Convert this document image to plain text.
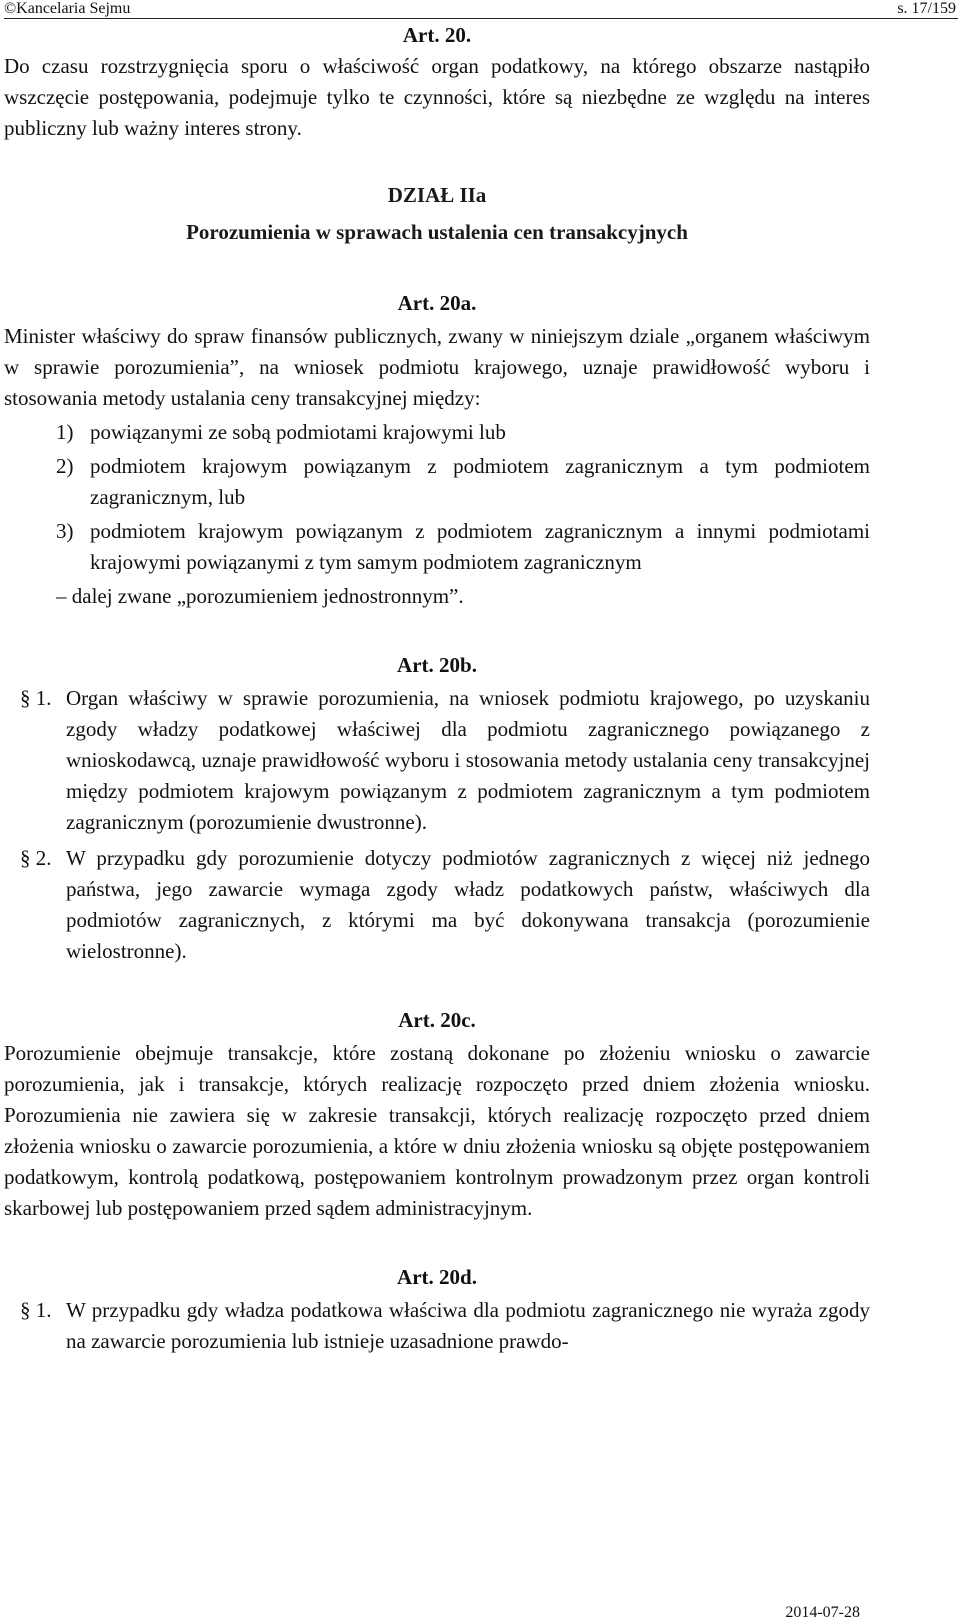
©Kancelaria Sejmu	s. 17/159

Art. 20.

Do czasu rozstrzygnięcia sporu o właściwość organ podatkowy, na którego obszarze nastąpiło wszczęcie postępowania, podejmuje tylko te czynności, które są niezbędne ze względu na interes publiczny lub ważny interes strony.

DZIAŁ IIa

Porozumienia w sprawach ustalenia cen transakcyjnych

Art. 20a.

Minister właściwy do spraw finansów publicznych, zwany w niniejszym dziale „organem właściwym w sprawie porozumienia”, na wniosek podmiotu krajowego, uznaje prawidłowość wyboru i stosowania metody ustalania ceny transakcyjnej między:

1) powiązanymi ze sobą podmiotami krajowymi lub
2) podmiotem krajowym powiązanym z podmiotem zagranicznym a tym podmiotem zagranicznym, lub
3) podmiotem krajowym powiązanym z podmiotem zagranicznym a innymi podmiotami krajowymi powiązanymi z tym samym podmiotem zagranicznym

– dalej zwane „porozumieniem jednostronnym”.

Art. 20b.

§ 1. Organ właściwy w sprawie porozumienia, na wniosek podmiotu krajowego, po uzyskaniu zgody władzy podatkowej właściwej dla podmiotu zagranicznego powiązanego z wnioskodawcą, uznaje prawidłowość wyboru i stosowania metody ustalania ceny transakcyjnej między podmiotem krajowym powiązanym z podmiotem zagranicznym a tym podmiotem zagranicznym (porozumienie dwustronne).
§ 2. W przypadku gdy porozumienie dotyczy podmiotów zagranicznych z więcej niż jednego państwa, jego zawarcie wymaga zgody władz podatkowych państw, właściwych dla podmiotów zagranicznych, z którymi ma być dokonywana transakcja (porozumienie wielostronne).

Art. 20c.

Porozumienie obejmuje transakcje, które zostaną dokonane po złożeniu wniosku o zawarcie porozumienia, jak i transakcje, których realizację rozpoczęto przed dniem złożenia wniosku. Porozumienia nie zawiera się w zakresie transakcji, których realizację rozpoczęto przed dniem złożenia wniosku o zawarcie porozumienia, a które w dniu złożenia wniosku są objęte postępowaniem podatkowym, kontrolą podatkową, postępowaniem kontrolnym prowadzonym przez organ kontroli skarbowej lub postępowaniem przed sądem administracyjnym.

Art. 20d.

§ 1. W przypadku gdy władza podatkowa właściwa dla podmiotu zagranicznego nie wyraża zgody na zawarcie porozumienia lub istnieje uzasadnione prawdo-
2014-07-28
